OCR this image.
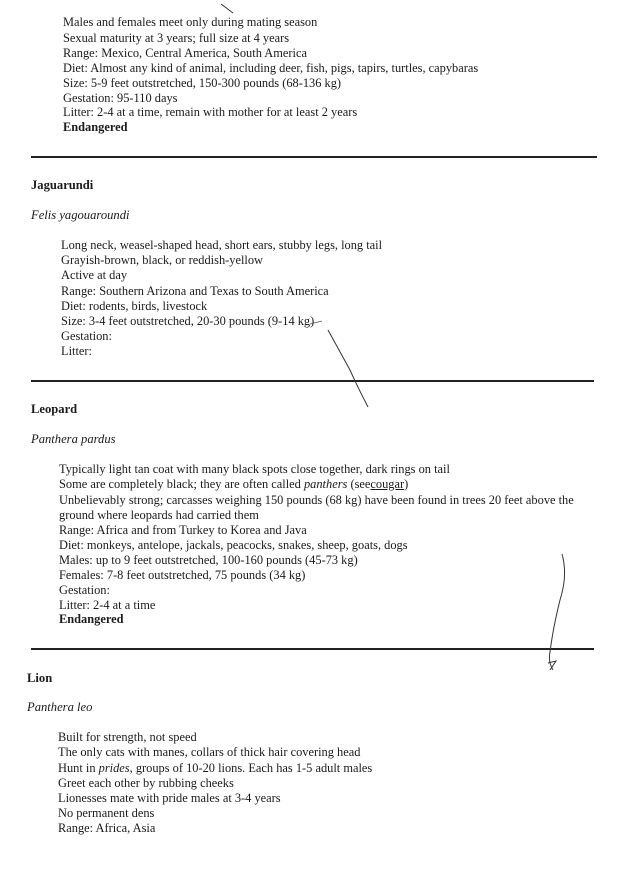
Males and females meet only during mating season
Sexual maturity at 3 years; full size at 4 years
Range: Mexico, Central America, South America
Diet: Almost any kind of animal, including deer, fish, pigs, tapirs, turtles, capybaras
Size: 5-9 feet outstretched, 150-300 pounds (68-136 kg)
Gestation: 95-110 days
Litter: 2-4 at a time, remain with mother for at least 2 years
Endangered
Jaguarundi
Felis yagouaroundi
Long neck, weasel-shaped head, short ears, stubby legs, long tail
Grayish-brown, black, or reddish-yellow
Active at day
Range: Southern Arizona and Texas to South America
Diet: rodents, birds, livestock
Size: 3-4 feet outstretched, 20-30 pounds (9-14 kg)
Gestation:
Litter:
Leopard
Panthera pardus
Typically light tan coat with many black spots close together, dark rings on tail
Some are completely black; they are often called panthers (seecougar)
Unbelievably strong; carcasses weighing 150 pounds (68 kg) have been found in trees 20 feet above the ground where leopards had carried them
Range: Africa and from Turkey to Korea and Java
Diet: monkeys, antelope, jackals, peacocks, snakes, sheep, goats, dogs
Males: up to 9 feet outstretched, 100-160 pounds (45-73 kg)
Females: 7-8 feet outstretched, 75 pounds (34 kg)
Gestation:
Litter: 2-4 at a time
Endangered
Lion
Panthera leo
Built for strength, not speed
The only cats with manes, collars of thick hair covering head
Hunt in prides, groups of 10-20 lions. Each has 1-5 adult males
Greet each other by rubbing cheeks
Lionesses mate with pride males at 3-4 years
No permanent dens
Range: Africa, Asia
